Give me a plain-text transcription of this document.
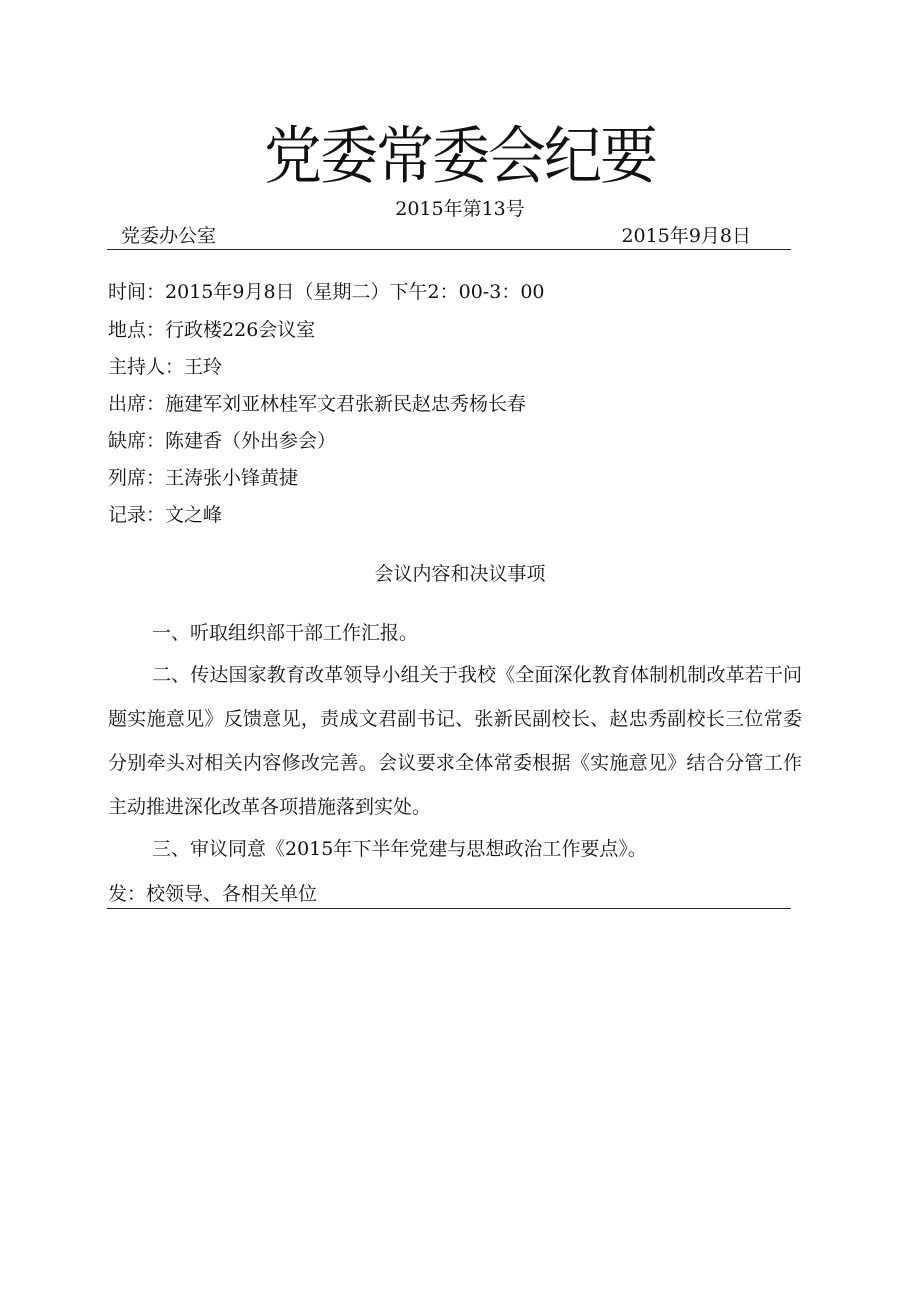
党委常委会纪要
2015年第13号
党委办公室	2015年9月8日
时间：2015年9月8日（星期二）下午2：00-3：00
地点：行政楼226会议室
主持人：王玲
出席：施建军刘亚林桂军文君张新民赵忠秀杨长春
缺席：陈建香（外出参会）
列席：王涛张小锋黄捷
记录：文之峰
会议内容和决议事项
一、听取组织部干部工作汇报。
二、传达国家教育改革领导小组关于我校《全面深化教育体制机制改革若干问题实施意见》反馈意见，责成文君副书记、张新民副校长、赵忠秀副校长三位常委分别牵头对相关内容修改完善。会议要求全体常委根据《实施意见》结合分管工作主动推进深化改革各项措施落到实处。
三、审议同意《2015年下半年党建与思想政治工作要点》。
发：校领导、各相关单位
